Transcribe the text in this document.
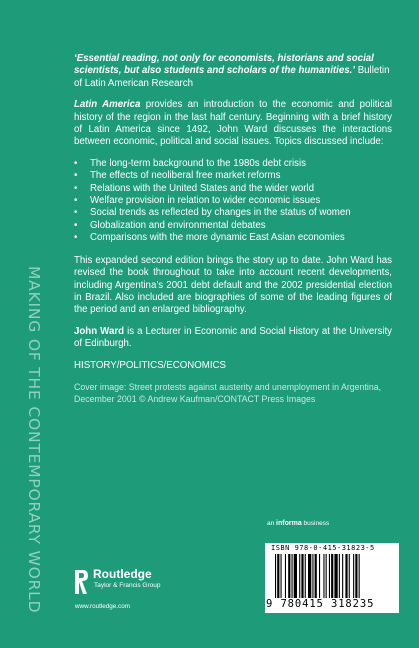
MAKING OF THE CONTEMPORARY WORLD
‘Essential reading, not only for economists, historians and social scientists, but also students and scholars of the humanities.’ Bulletin of Latin American Research

Latin America provides an introduction to the economic and political history of the region in the last half century. Beginning with a brief history of Latin America since 1492, John Ward discusses the interactions between economic, political and social issues. Topics discussed include:

• The long-term background to the 1980s debt crisis
• The effects of neoliberal free market reforms
• Relations with the United States and the wider world
• Welfare provision in relation to wider economic issues
• Social trends as reflected by changes in the status of women
• Globalization and environmental debates
• Comparisons with the more dynamic East Asian economies

This expanded second edition brings the story up to date. John Ward has revised the book throughout to take into account recent developments, including Argentina’s 2001 debt default and the 2002 presidential election in Brazil. Also included are biographies of some of the leading figures of the period and an enlarged bibliography.

John Ward is a Lecturer in Economic and Social History at the University of Edinburgh.

HISTORY/POLITICS/ECONOMICS
Cover image: Street protests against austerity and unemployment in Argentina, December 2001 © Andrew Kaufman/CONTACT Press Images
an informa business
ISBN 978-0-415-31823-5
9 780415 318235
Routledge
Taylor & Francis Group
www.routledge.com
